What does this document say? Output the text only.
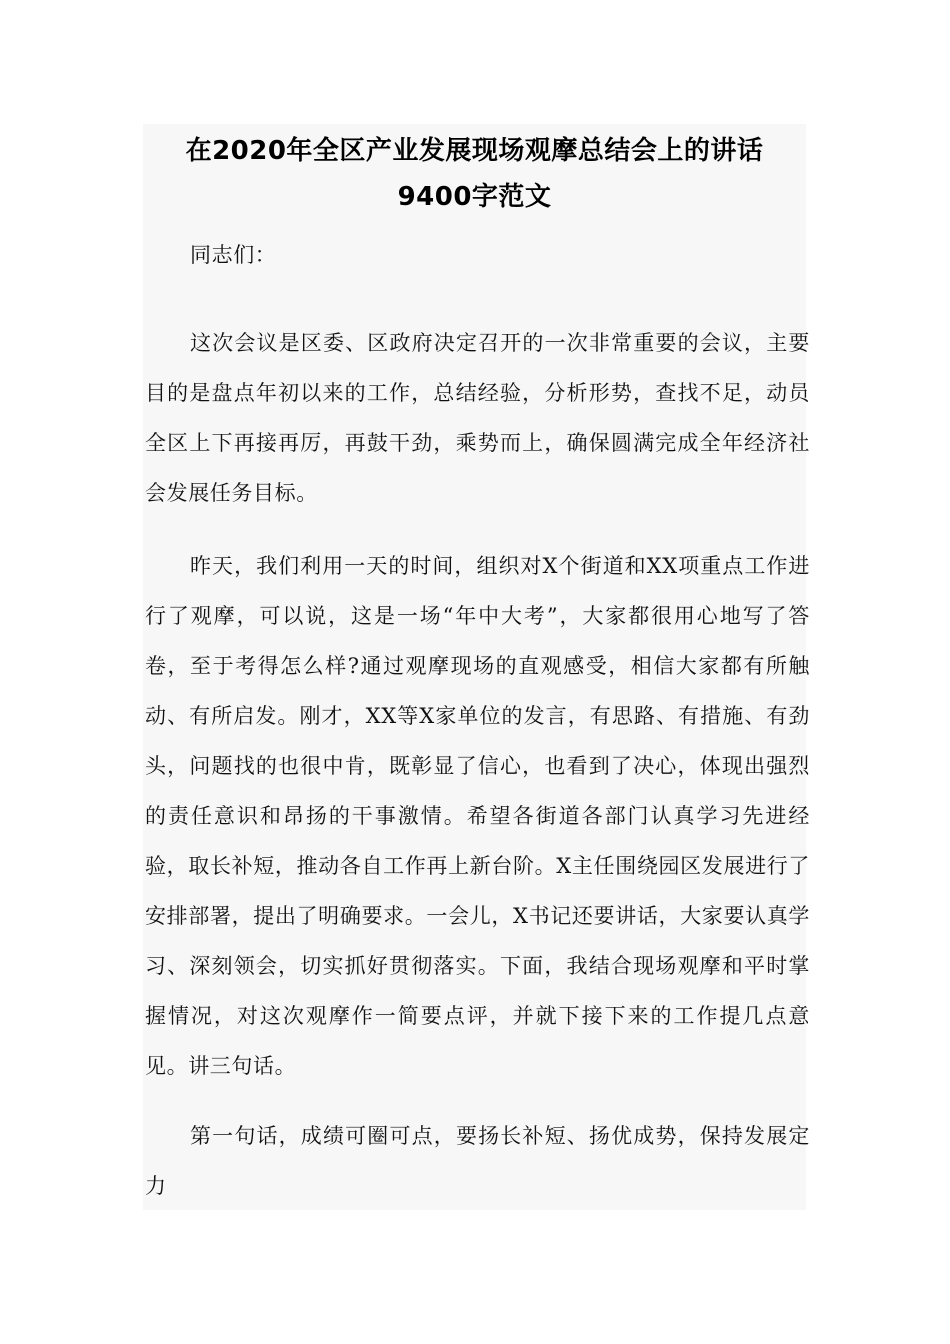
在2020年全区产业发展现场观摩总结会上的讲话
9400字范文

同志们：

这次会议是区委、区政府决定召开的一次非常重要的会议，主要目的是盘点年初以来的工作，总结经验，分析形势，查找不足，动员全区上下再接再厉，再鼓干劲，乘势而上，确保圆满完成全年经济社会发展任务目标。

昨天，我们利用一天的时间，组织对X个街道和XX项重点工作进行了观摩，可以说，这是一场“年中大考”，大家都很用心地写了答卷，至于考得怎么样?通过观摩现场的直观感受，相信大家都有所触动、有所启发。刚才，XX等X家单位的发言，有思路、有措施、有劲头，问题找的也很中肯，既彰显了信心，也看到了决心，体现出强烈的责任意识和昂扬的干事激情。希望各街道各部门认真学习先进经验，取长补短，推动各自工作再上新台阶。X主任围绕园区发展进行了安排部署，提出了明确要求。一会儿，X书记还要讲话，大家要认真学习、深刻领会，切实抓好贯彻落实。下面，我结合现场观摩和平时掌握情况，对这次观摩作一简要点评，并就下接下来的工作提几点意见。讲三句话。

第一句话，成绩可圈可点，要扬长补短、扬优成势，保持发展定力
